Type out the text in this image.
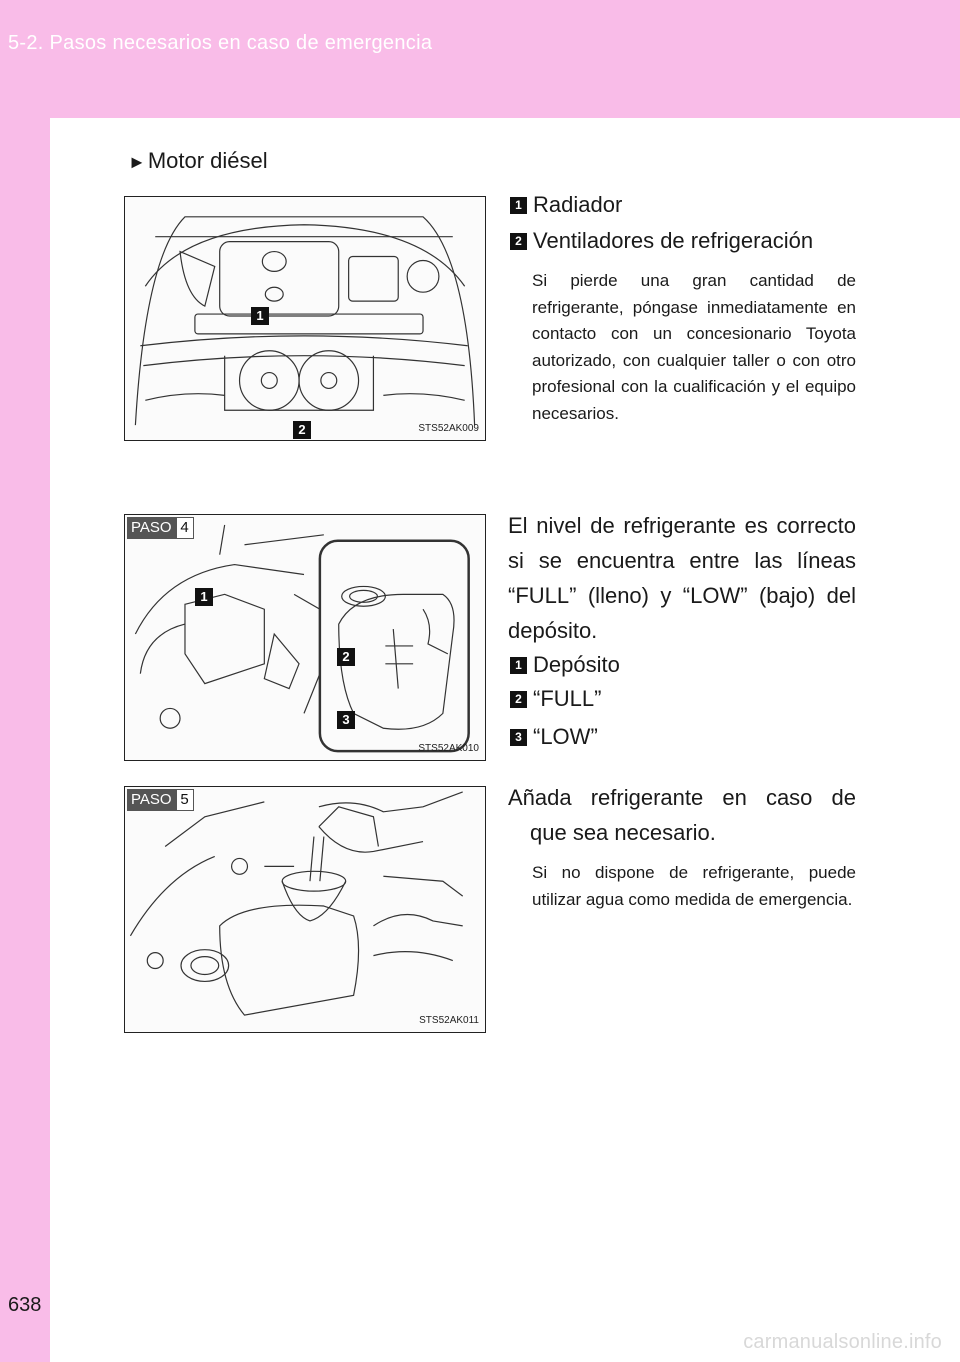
5-2. Pasos necesarios en caso de emergencia
638
►Motor diésel
1
2	STS52AK009
1 Radiador
2 Ventiladores de refrigeración
Si pierde una gran cantidad de refrigerante, póngase inmediatamente en contacto con un concesionario Toyota autorizado, con cualquier taller o con otro profesional con la cualificación y el equipo necesarios.
PASO 4
1
2
3
STS52AK010
El nivel de refrigerante es correcto si se encuentra entre las líneas “FULL” (lleno) y “LOW” (bajo) del depósito.
1 Depósito
2 “FULL”
3 “LOW”
PASO 5
STS52AK011
Añada refrigerante en caso de
que sea necesario.
Si no dispone de refrigerante, puede utilizar agua como medida de emergencia.
carmanualsonline.info
